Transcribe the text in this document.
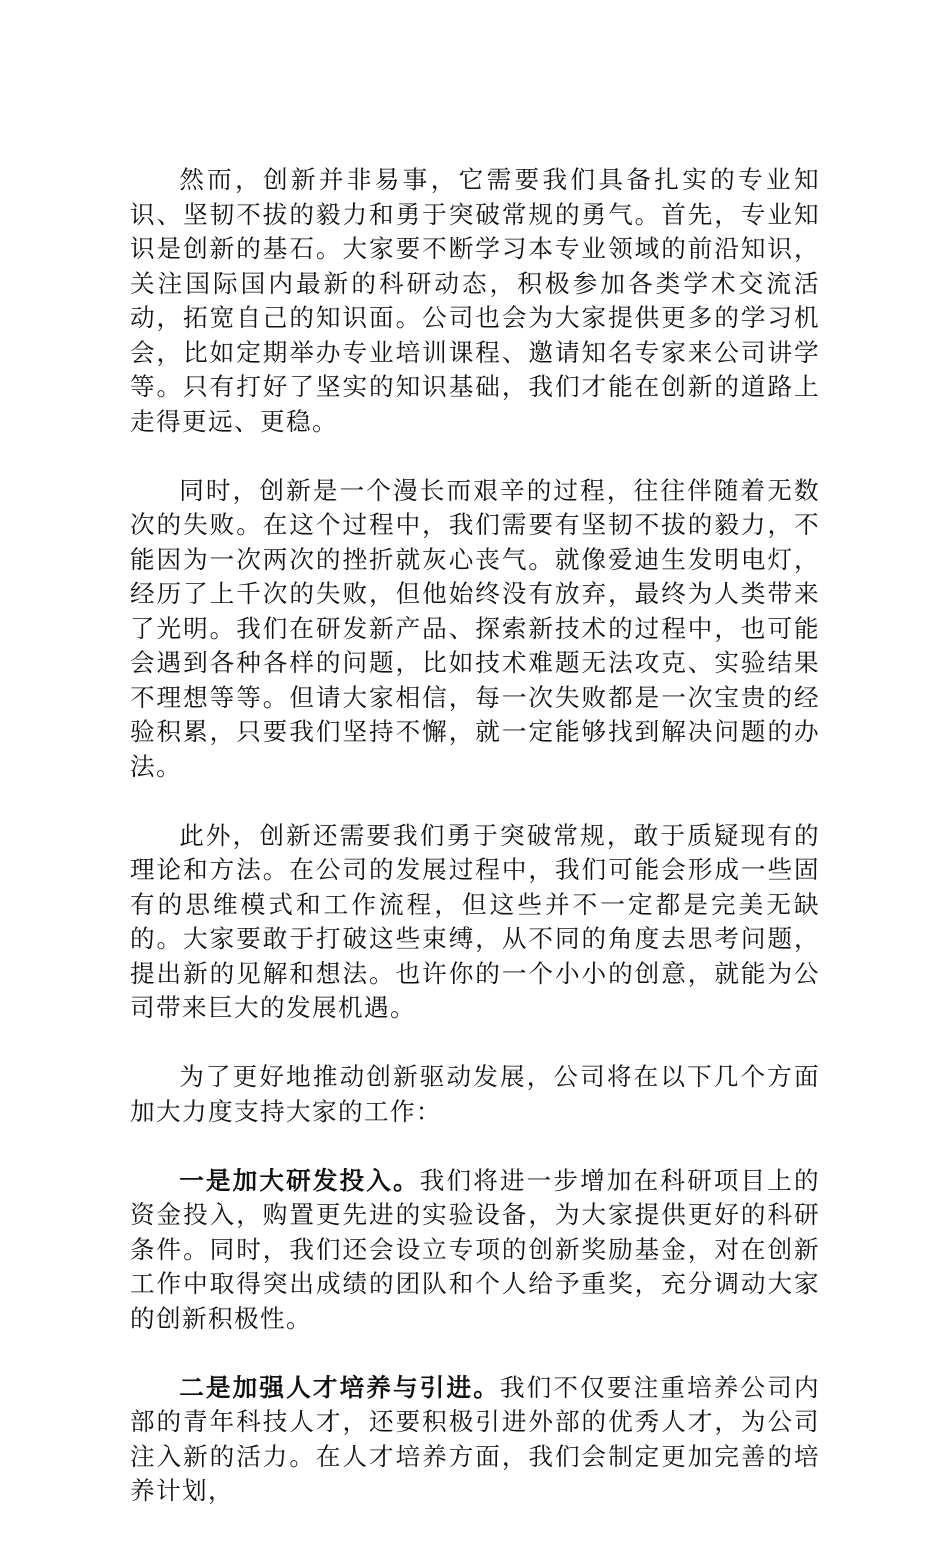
然而，创新并非易事，它需要我们具备扎实的专业知识、坚韧不拔的毅力和勇于突破常规的勇气。首先，专业知识是创新的基石。大家要不断学习本专业领域的前沿知识，关注国际国内最新的科研动态，积极参加各类学术交流活动，拓宽自己的知识面。公司也会为大家提供更多的学习机会，比如定期举办专业培训课程、邀请知名专家来公司讲学等。只有打好了坚实的知识基础，我们才能在创新的道路上走得更远、更稳。

同时，创新是一个漫长而艰辛的过程，往往伴随着无数次的失败。在这个过程中，我们需要有坚韧不拔的毅力，不能因为一次两次的挫折就灰心丧气。就像爱迪生发明电灯，经历了上千次的失败，但他始终没有放弃，最终为人类带来了光明。我们在研发新产品、探索新技术的过程中，也可能会遇到各种各样的问题，比如技术难题无法攻克、实验结果不理想等等。但请大家相信，每一次失败都是一次宝贵的经验积累，只要我们坚持不懈，就一定能够找到解决问题的办法。

此外，创新还需要我们勇于突破常规，敢于质疑现有的理论和方法。在公司的发展过程中，我们可能会形成一些固有的思维模式和工作流程，但这些并不一定都是完美无缺的。大家要敢于打破这些束缚，从不同的角度去思考问题，提出新的见解和想法。也许你的一个小小的创意，就能为公司带来巨大的发展机遇。

为了更好地推动创新驱动发展，公司将在以下几个方面加大力度支持大家的工作：

一是加大研发投入。我们将进一步增加在科研项目上的资金投入，购置更先进的实验设备，为大家提供更好的科研条件。同时，我们还会设立专项的创新奖励基金，对在创新工作中取得突出成绩的团队和个人给予重奖，充分调动大家的创新积极性。

二是加强人才培养与引进。我们不仅要注重培养公司内部的青年科技人才，还要积极引进外部的优秀人才，为公司注入新的活力。在人才培养方面，我们会制定更加完善的培养计划，
